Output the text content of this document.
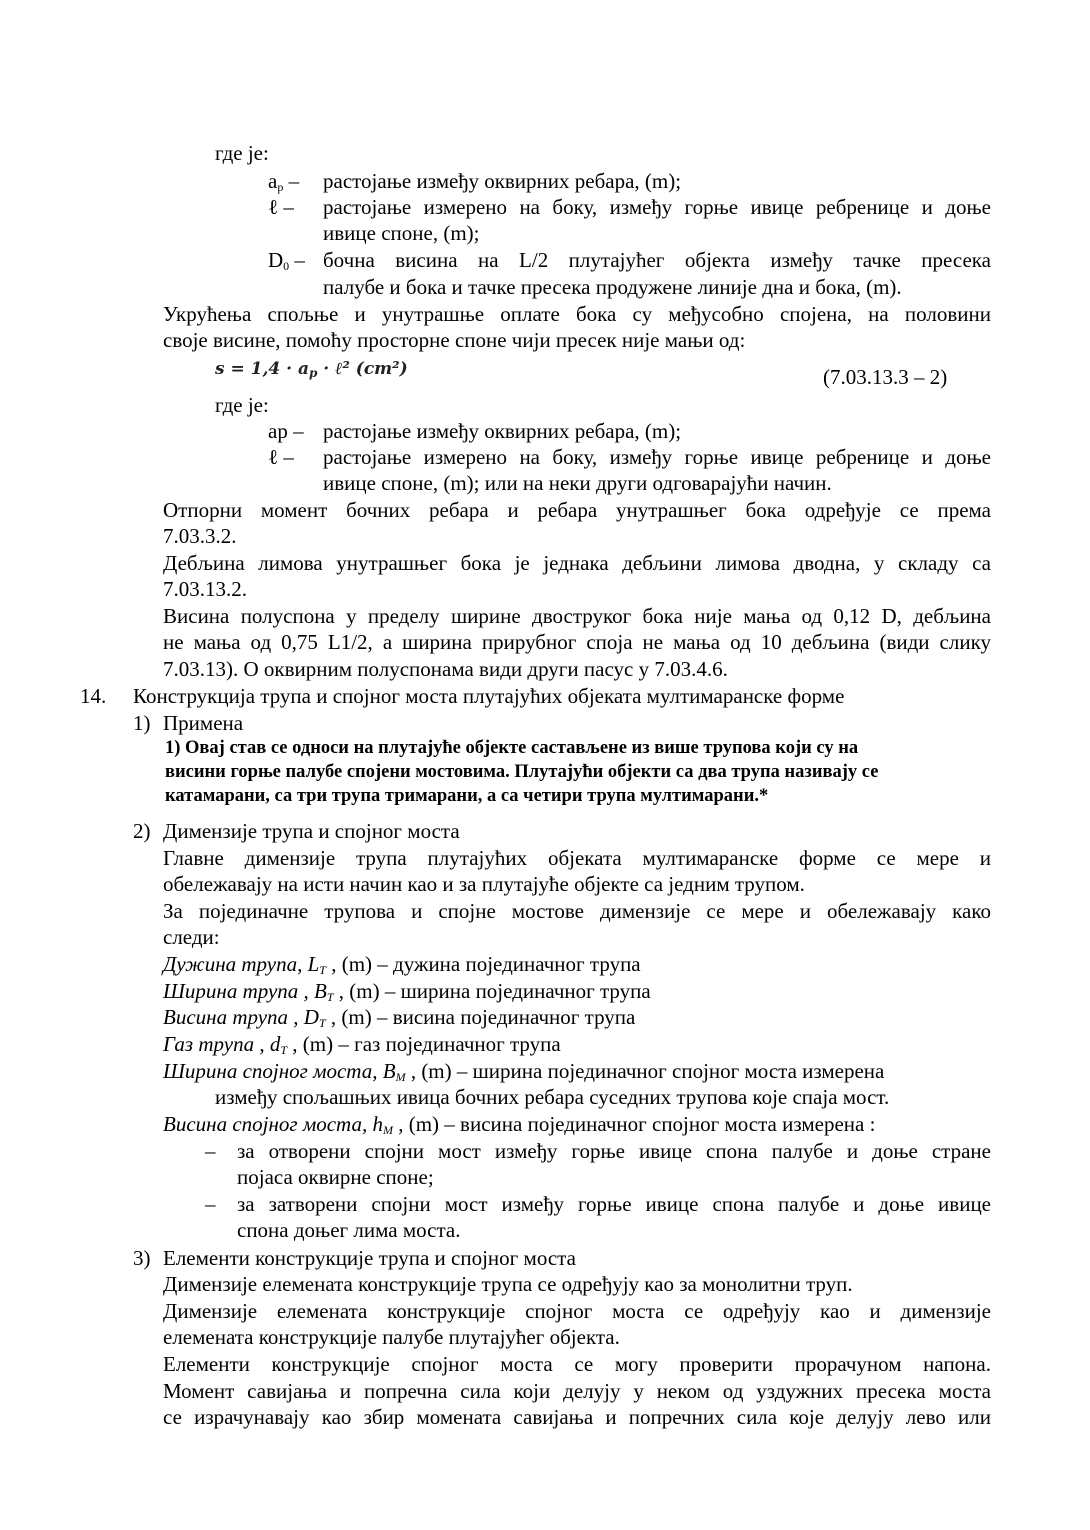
где је:
$a_p$ – растојање између оквирних ребара, (m);
ℓ – растојање измерено на боку, између горње ивице ребренице и доње
ивице споне, (m);
$D_0$ – бочна висина на L/2 плутајућег објекта између тачке пресека
палубе и бока и тачке пресека продужене линије дна и бока, (m).
Укрућења спољње и унутрашње оплате бока су међусобно спојена, на половини
своје висине, помоћу просторне споне чији пресек није мањи од:
$s = 1,4 \cdot a_p$ · ℓ² (cm²)	(7.03.13.3 – 2)
где је:
ap – растојање између оквирних ребара, (m);
ℓ – растојање измерено на боку, између горње ивице ребренице и доње
ивице споне, (m); или на неки други одговарајући начин.
Отпорни момент бочних ребара и ребара унутрашњег бока одређује се према
7.03.3.2.
Дебљина лимова унутрашњег бока је једнака дебљини лимова дводна, у складу са
7.03.13.2.
Висина полуспона у пределу ширине двоструког бока није мања од 0,12 D, дебљина
не мања од 0,75 L1/2, а ширина прирубног споја не мања од 10 дебљина (види слику
7.03.13). О оквирним полуспонама види други пасус у 7.03.4.6.
14. Конструкција трупа и спојног моста плутајућих објеката мултимаранске форме
1) Примена
1) Овај став се односи на плутајуће објекте састављене из више трупова који су на
висини горње палубе спојени мостовима. Плутајући објекти са два трупа називају се
катамарани, са три трупа тримарани, а са четири трупа мултимарани.*
2) Димензије трупа и спојног моста
Главне димензије трупа плутајућих објеката мултимаранске форме се мере и
обележавају на исти начин као и за плутајуће објекте са једним трупом.
За појединачне трупова и спојне мостове димензије се мере и обележавају како
следи:
Дужина трупа, $L_T$ , (m) – дужина појединачног трупа
Ширина трупа , $B_T$ , (m) – ширина појединачног трупа
Висина трупа , $D_T$ , (m) – висина појединачног трупа
Газ трупа , $d_T$ , (m) – газ појединачног трупа
Ширина спојног моста, $B_M$ , (m) – ширина појединачног спојног моста измерена
између спољашњих ивица бочних ребара суседних трупова које спаја мост.
Висина спојног моста, $h_M$ , (m) – висина појединачног спојног моста измерена :
– за отворени спојни мост између горње ивице спона палубе и доње стране
појаса оквирне споне;
– за затворени спојни мост између горње ивице спона палубе и доње ивице
спона доњег лима моста.
3) Елементи конструкције трупа и спојног моста
Димензије елемената конструкције трупа се одређују као за монолитни труп.
Димензије елемената конструкције спојног моста се одређују као и димензије
елемената конструкције палубе плутајућег објекта.
Елементи конструкције спојног моста се могу проверити прорачуном напона.
Момент савијања и попречна сила који делују у неком од уздужних пресека моста
се израчунавају као збир момената савијања и попречних сила које делују лево или
